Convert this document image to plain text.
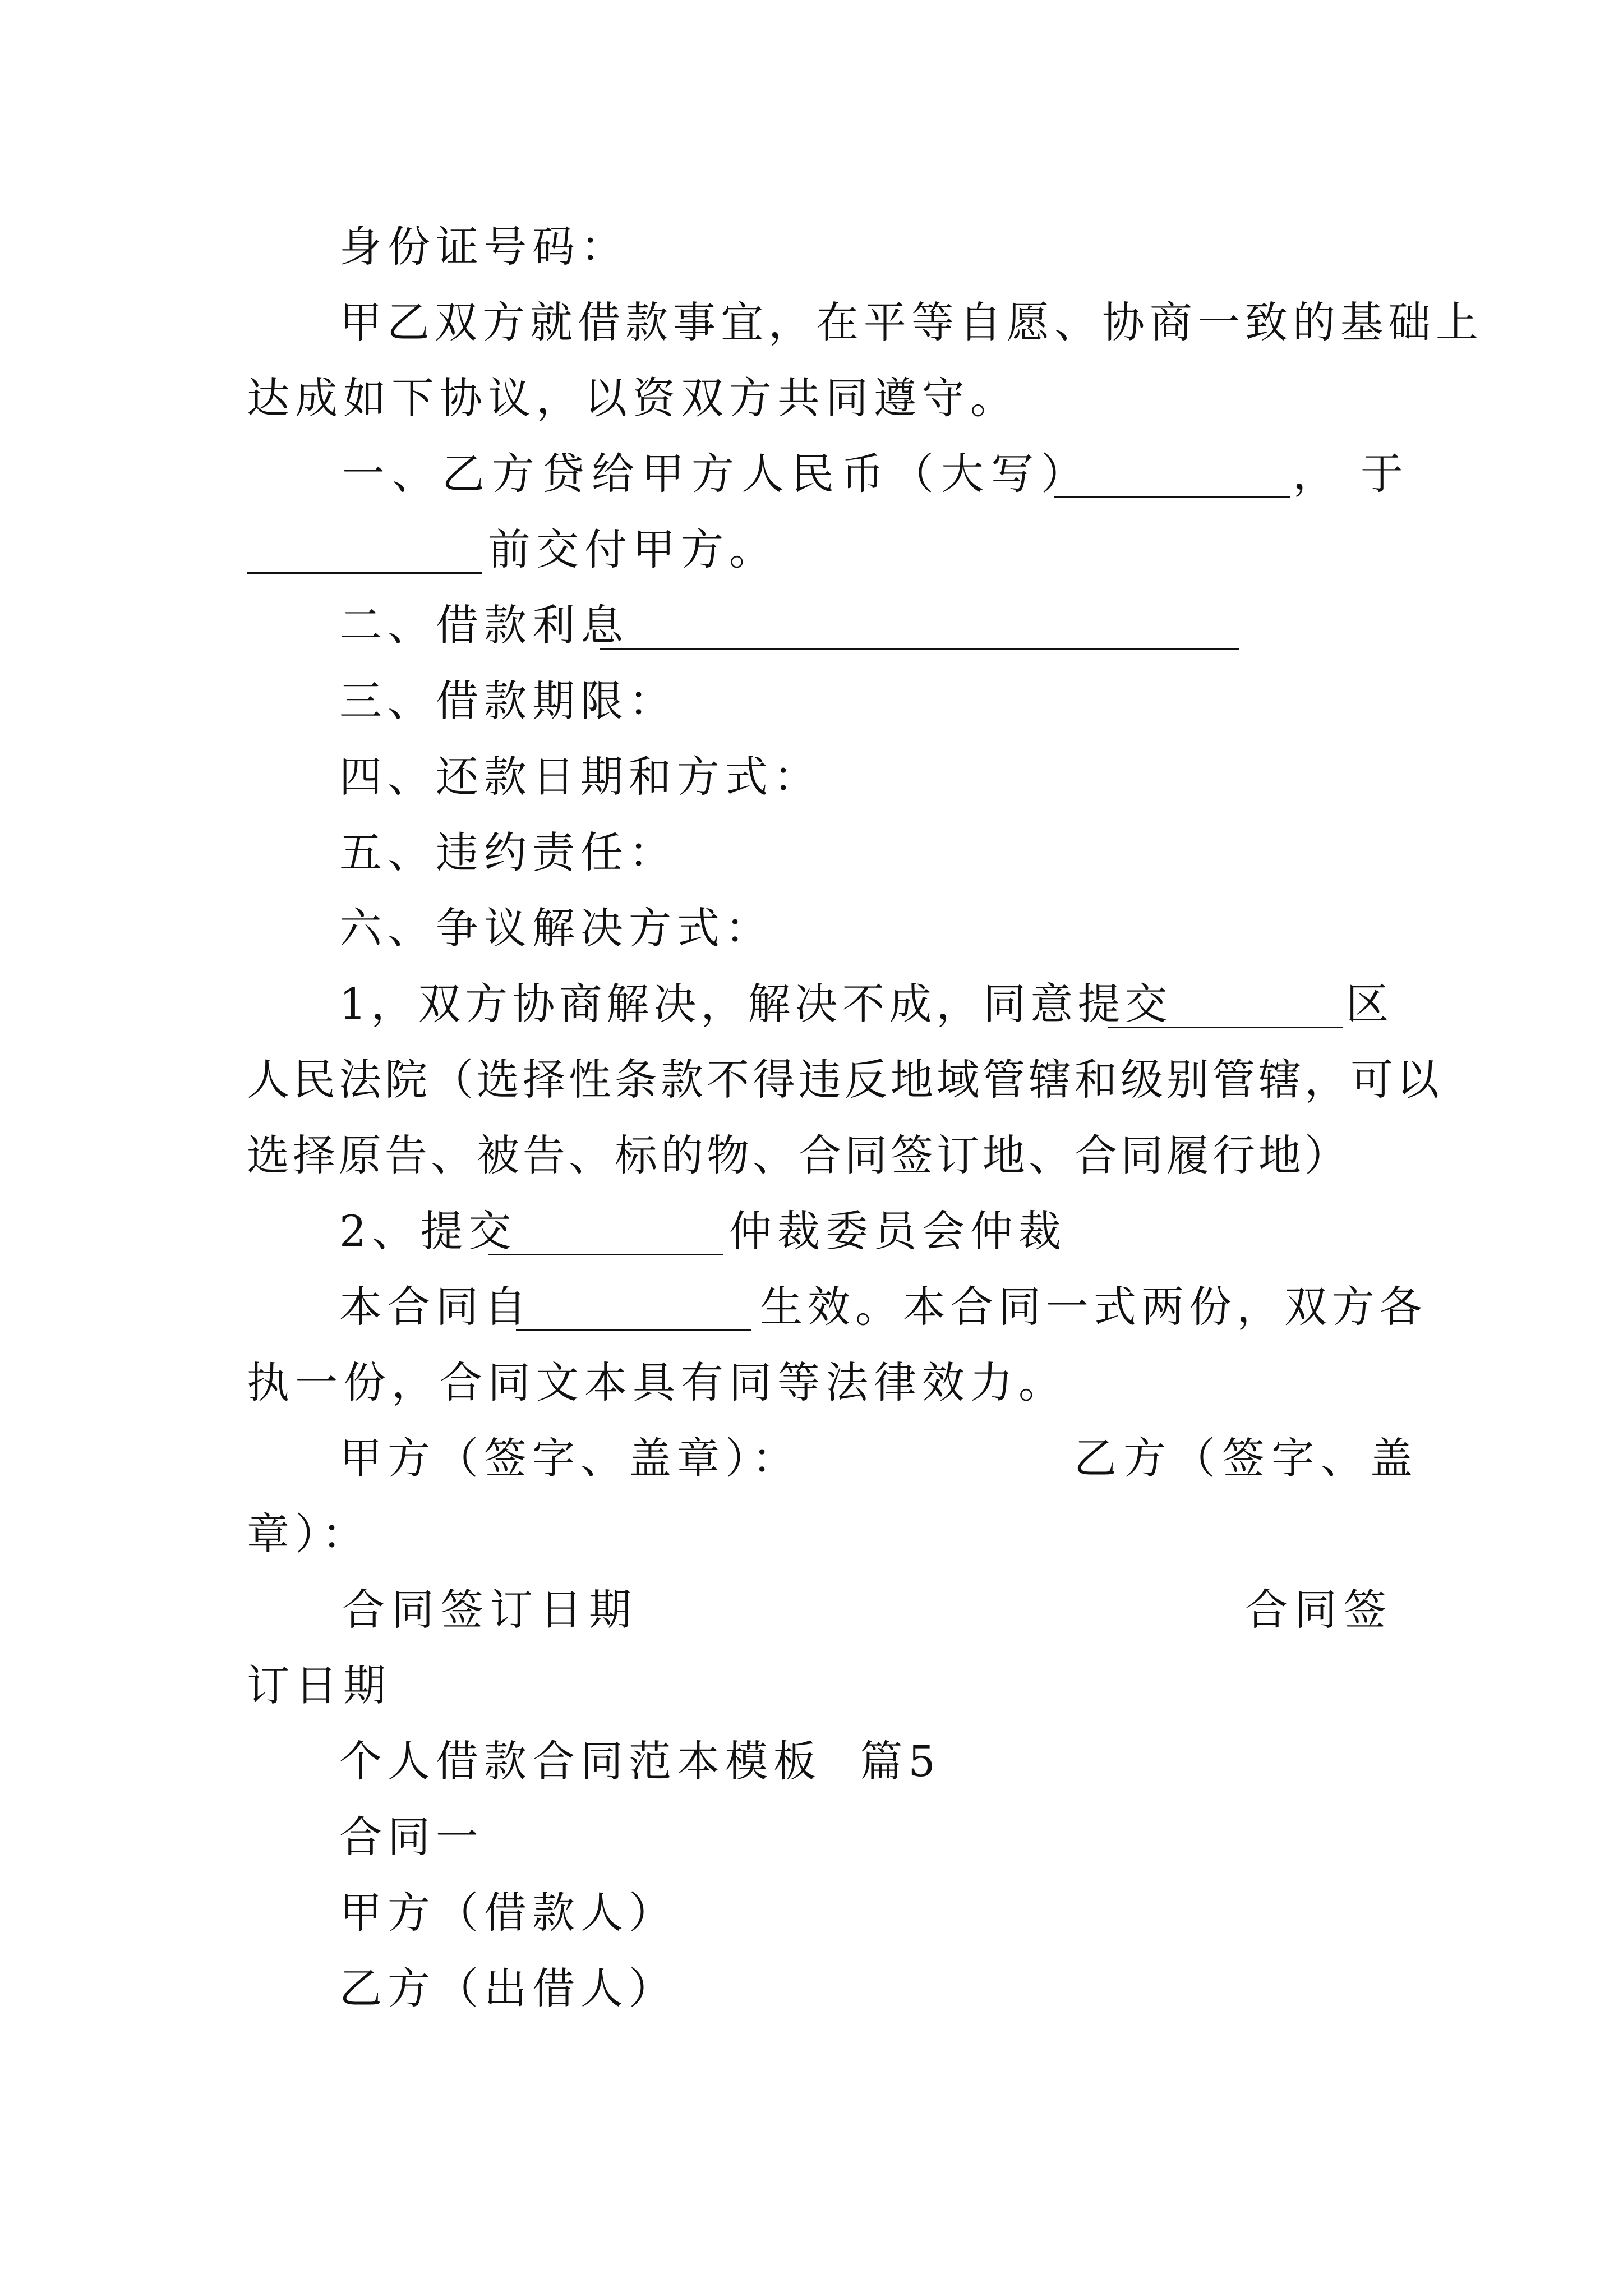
身份证号码：
甲乙双方就借款事宜，在平等自愿、协商一致的基础上
达成如下协议，以资双方共同遵守。
一、乙方贷给甲方人民币（大写）	，于
前交付甲方。
二、借款利息
三、借款期限：
四、还款日期和方式：
五、违约责任：
六、争议解决方式：
1，双方协商解决，解决不成，同意提交	区
人民法院（选择性条款不得违反地域管辖和级别管辖，可以
选择原告、被告、标的物、合同签订地、合同履行地）
2、提交	仲裁委员会仲裁
本合同自	生效。本合同一式两份，双方各
执一份，合同文本具有同等法律效力。
甲方（签字、盖章）：	乙方（签字、盖
章）：
合同签订日期	合同签
订日期
个人借款合同范本模板  篇5
合同一
甲方（借款人）
乙方（出借人）
